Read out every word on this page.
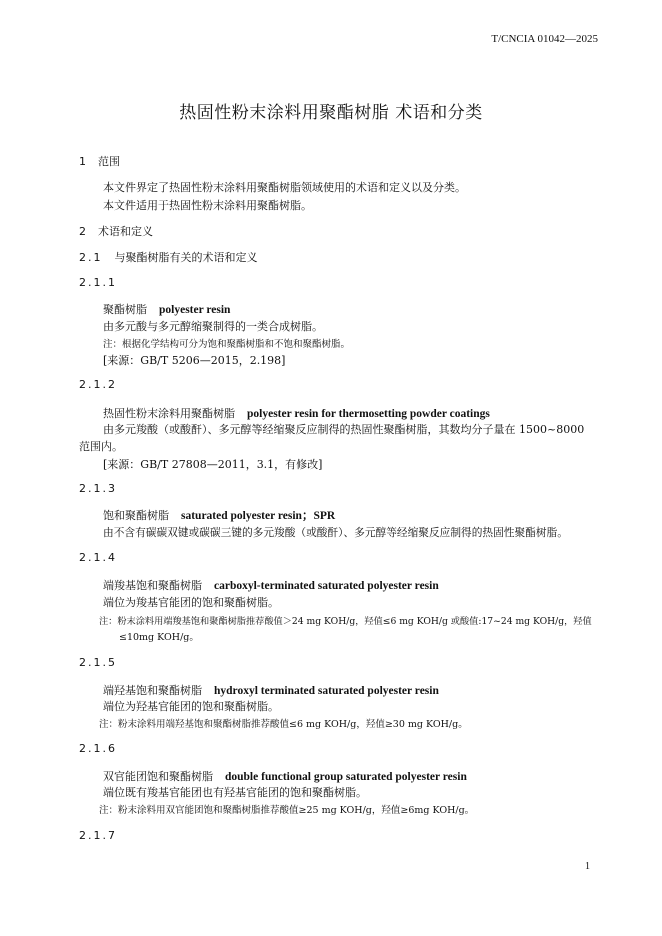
T/CNCIA 01042—2025
热固性粉末涂料用聚酯树脂 术语和分类
1 范围
本文件界定了热固性粉末涂料用聚酯树脂领域使用的术语和定义以及分类。
本文件适用于热固性粉末涂料用聚酯树脂。
2 术语和定义
2.1 与聚酯树脂有关的术语和定义
2.1.1
聚酯树脂 polyester resin
由多元酸与多元醇缩聚制得的一类合成树脂。
注：根据化学结构可分为饱和聚酯树脂和不饱和聚酯树脂。
[来源：GB/T 5206—2015，2.198]
2.1.2
热固性粉末涂料用聚酯树脂 polyester resin for thermosetting powder coatings
由多元羧酸（或酸酐）、多元醇等经缩聚反应制得的热固性聚酯树脂，其数均分子量在 1500~8000
范围内。
[来源：GB/T 27808—2011，3.1，有修改]
2.1.3
饱和聚酯树脂 saturated polyester resin；SPR
由不含有碳碳双键或碳碳三键的多元羧酸（或酸酐）、多元醇等经缩聚反应制得的热固性聚酯树脂。
2.1.4
端羧基饱和聚酯树脂 carboxyl-terminated saturated polyester resin
端位为羧基官能团的饱和聚酯树脂。
注：粉末涂料用端羧基饱和聚酯树脂推荐酸值＞24 mg KOH/g，羟值≤6 mg KOH/g 或酸值:17~24 mg KOH/g，羟值
≤10mg KOH/g。
2.1.5
端羟基饱和聚酯树脂 hydroxyl terminated saturated polyester resin
端位为羟基官能团的饱和聚酯树脂。
注：粉末涂料用端羟基饱和聚酯树脂推荐酸值≤6 mg KOH/g，羟值≥30 mg KOH/g。
2.1.6
双官能团饱和聚酯树脂 double functional group saturated polyester resin
端位既有羧基官能团也有羟基官能团的饱和聚酯树脂。
注：粉末涂料用双官能团饱和聚酯树脂推荐酸值≥25 mg KOH/g，羟值≥6mg KOH/g。
2.1.7
1
